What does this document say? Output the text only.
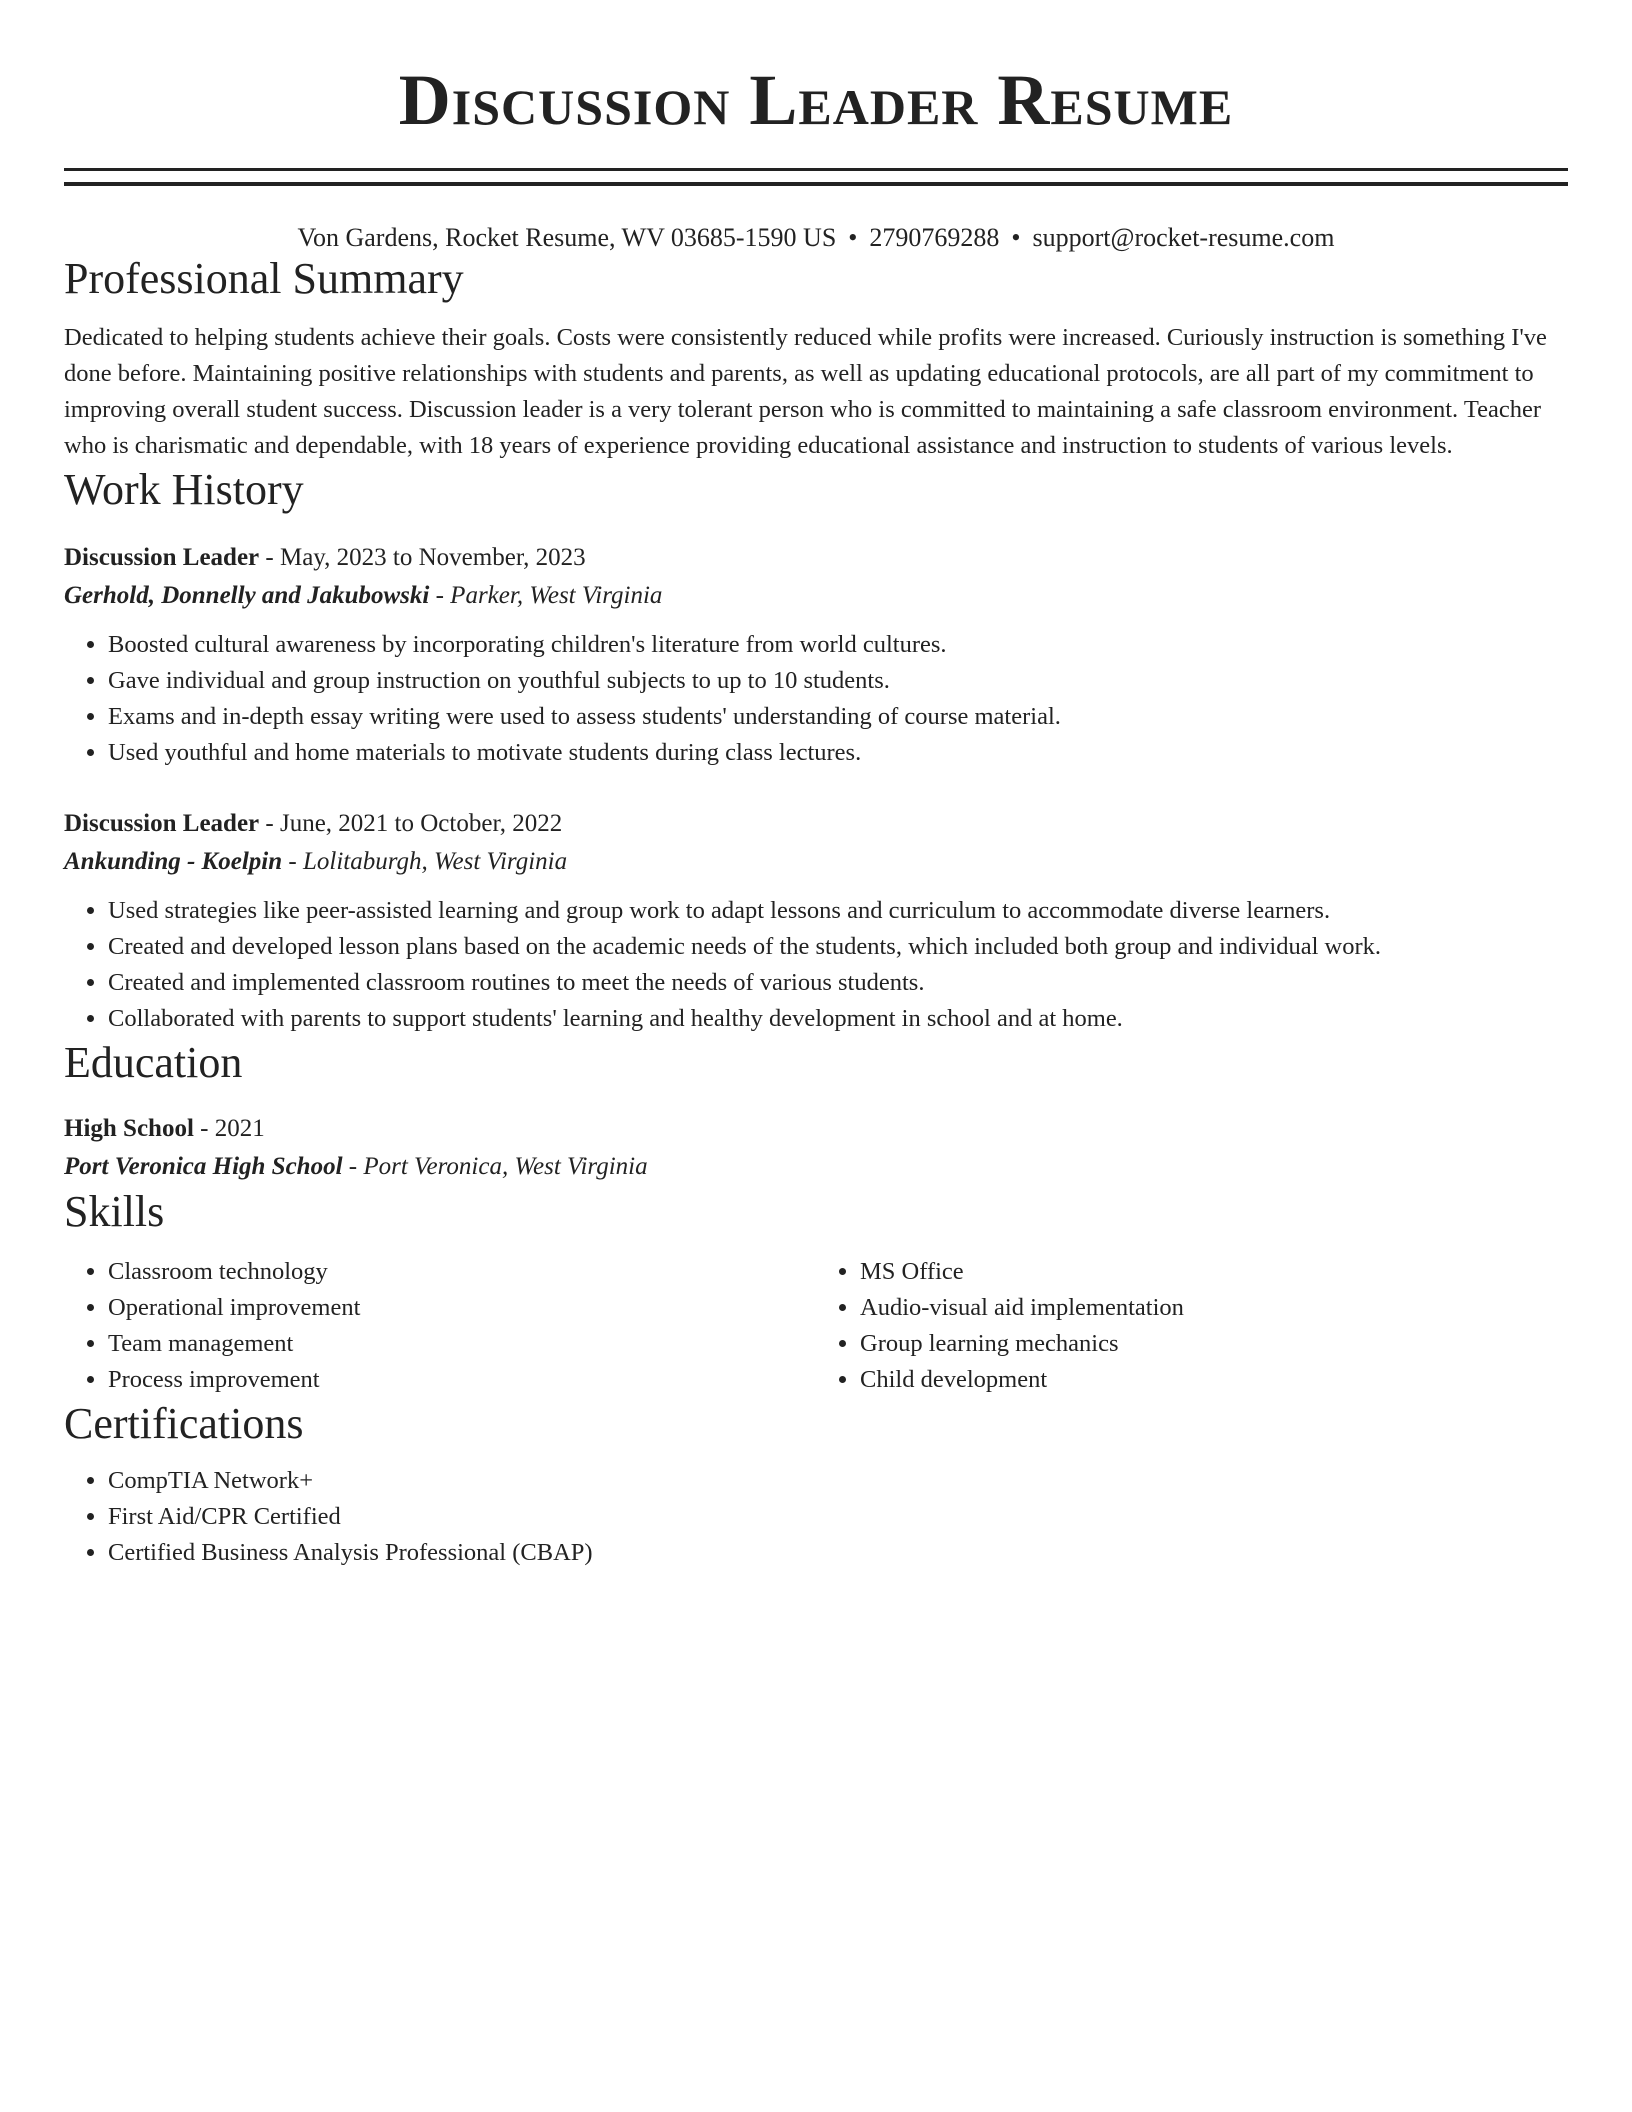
Discussion Leader Resume
Von Gardens, Rocket Resume, WV 03685-1590 US • 2790769288 • support@rocket-resume.com
Professional Summary
Dedicated to helping students achieve their goals. Costs were consistently reduced while profits were increased. Curiously instruction is something I've done before. Maintaining positive relationships with students and parents, as well as updating educational protocols, are all part of my commitment to improving overall student success. Discussion leader is a very tolerant person who is committed to maintaining a safe classroom environment. Teacher who is charismatic and dependable, with 18 years of experience providing educational assistance and instruction to students of various levels.
Work History
Discussion Leader - May, 2023 to November, 2023
Gerhold, Donnelly and Jakubowski - Parker, West Virginia
• Boosted cultural awareness by incorporating children's literature from world cultures.
• Gave individual and group instruction on youthful subjects to up to 10 students.
• Exams and in-depth essay writing were used to assess students' understanding of course material.
• Used youthful and home materials to motivate students during class lectures.
Discussion Leader - June, 2021 to October, 2022
Ankunding - Koelpin - Lolitaburgh, West Virginia
• Used strategies like peer-assisted learning and group work to adapt lessons and curriculum to accommodate diverse learners.
• Created and developed lesson plans based on the academic needs of the students, which included both group and individual work.
• Created and implemented classroom routines to meet the needs of various students.
• Collaborated with parents to support students' learning and healthy development in school and at home.
Education
High School - 2021
Port Veronica High School - Port Veronica, West Virginia
Skills
• Classroom technology
• Operational improvement
• Team management
• Process improvement
• MS Office
• Audio-visual aid implementation
• Group learning mechanics
• Child development
Certifications
• CompTIA Network+
• First Aid/CPR Certified
• Certified Business Analysis Professional (CBAP)
